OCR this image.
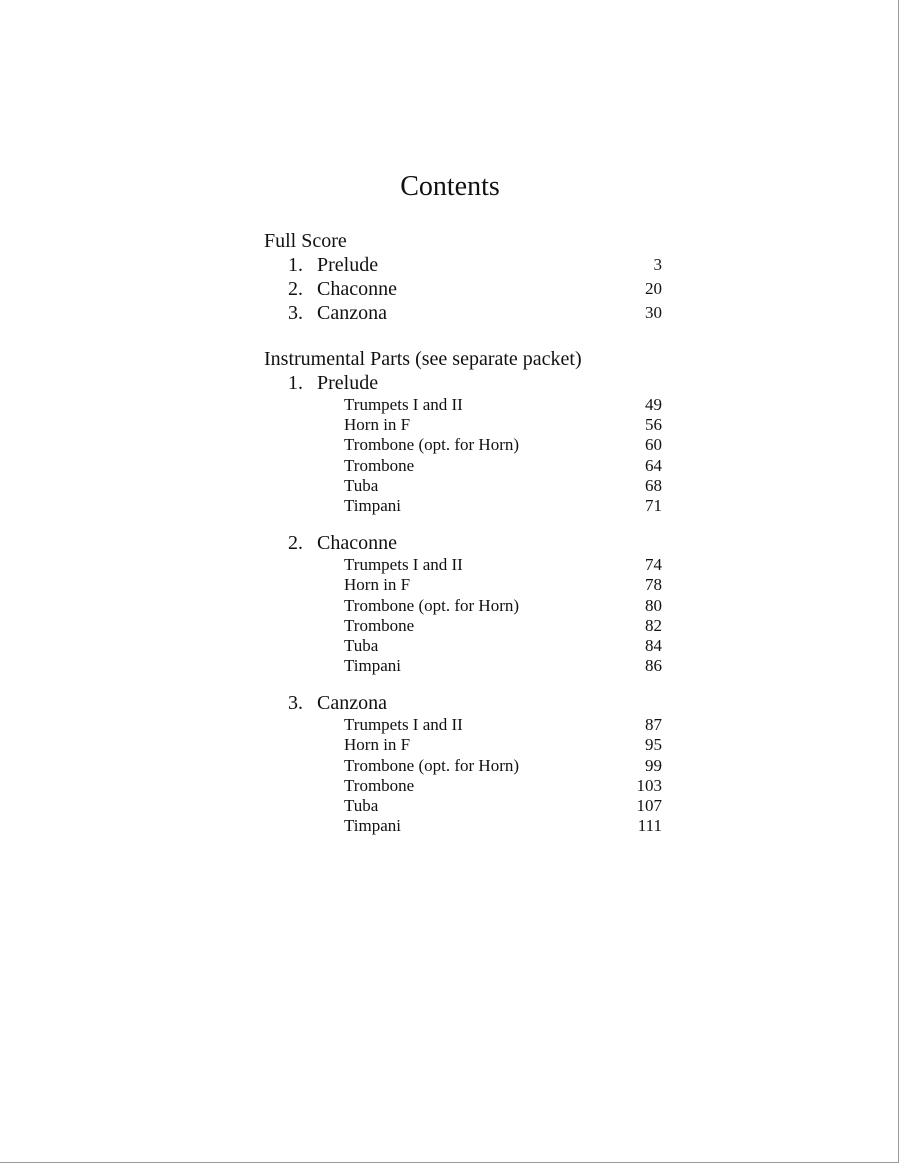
Contents
Full Score
1. Prelude	3
2. Chaconne	20
3. Canzona	30
Instrumental Parts (see separate packet)
1. Prelude
Trumpets I and II	49
Horn in F	56
Trombone (opt. for Horn)	60
Trombone	64
Tuba	68
Timpani	71
2. Chaconne
Trumpets I and II	74
Horn in F	78
Trombone (opt. for Horn)	80
Trombone	82
Tuba	84
Timpani	86
3. Canzona
Trumpets I and II	87
Horn in F	95
Trombone (opt. for Horn)	99
Trombone	103
Tuba	107
Timpani	111
